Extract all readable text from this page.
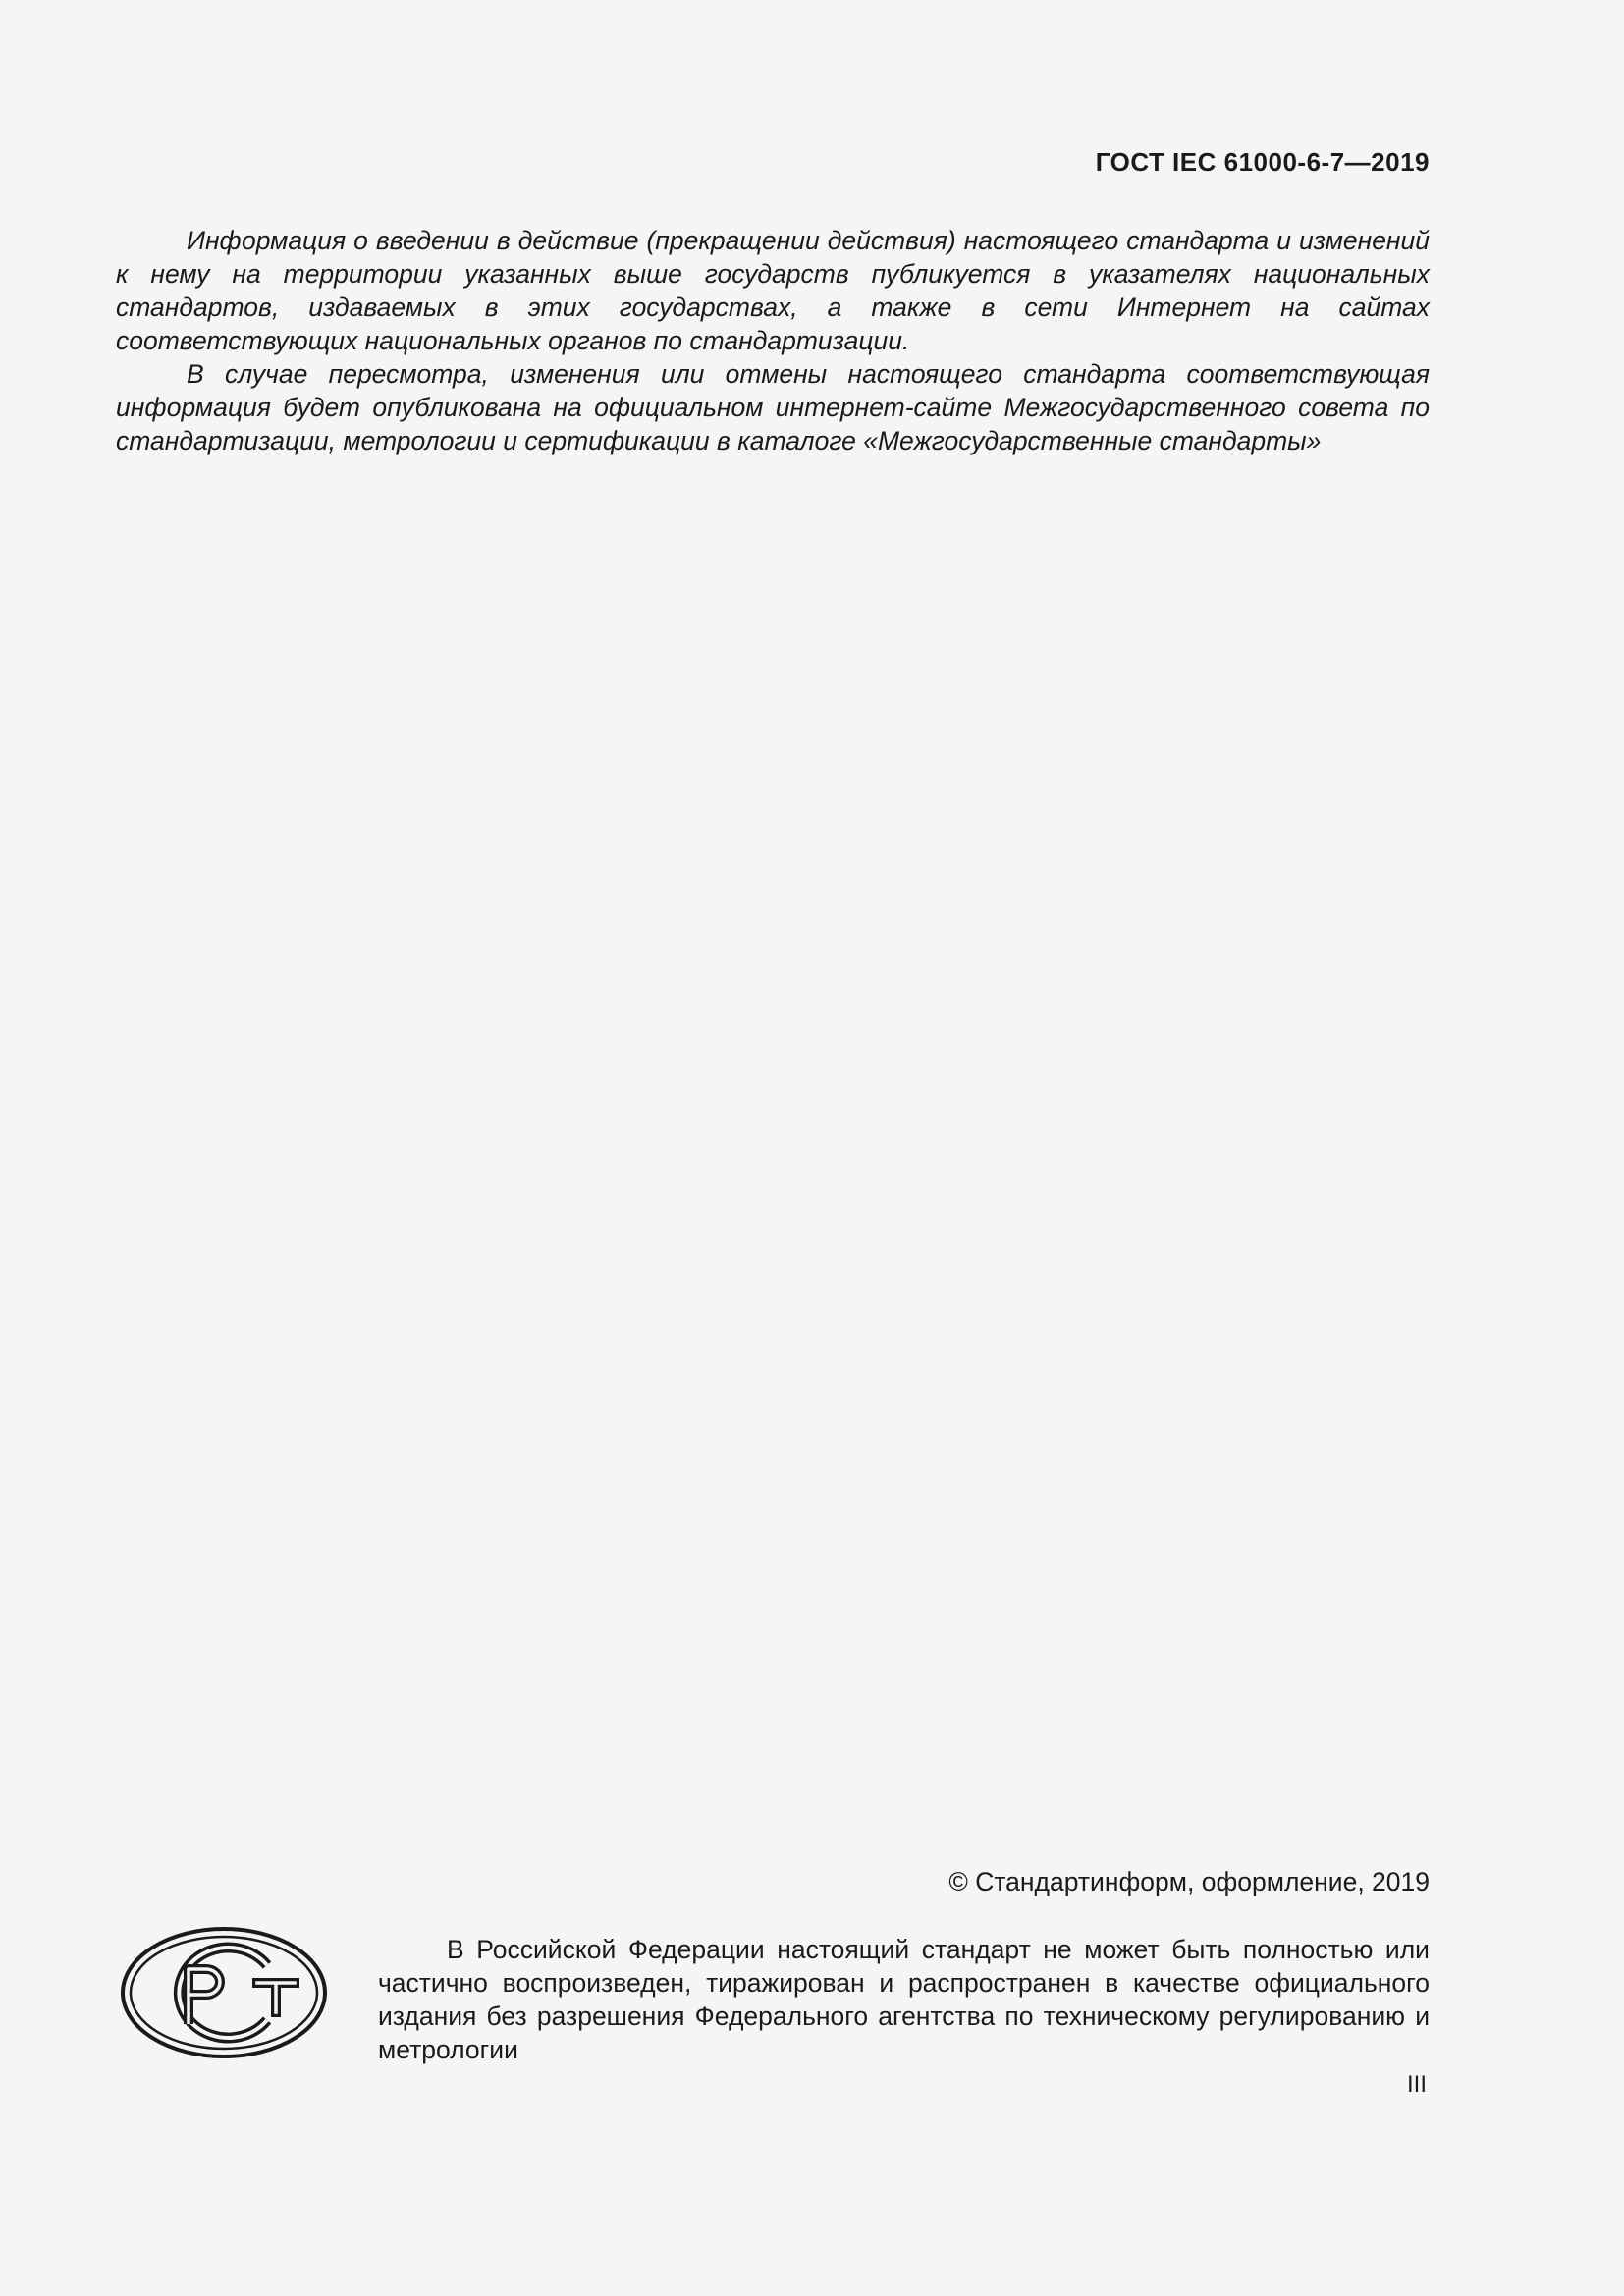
ГОСТ IEC 61000-6-7—2019

Информация о введении в действие (прекращении действия) настоящего стандарта и изменений к нему на территории указанных выше государств публикуется в указателях национальных стандартов, издаваемых в этих государствах, а также в сети Интернет на сайтах соответствующих национальных органов по стандартизации.

В случае пересмотра, изменения или отмены настоящего стандарта соответствующая информация будет опубликована на официальном интернет-сайте Межгосударственного совета по стандартизации, метрологии и сертификации в каталоге «Межгосударственные стандарты»

© Стандартинформ, оформление, 2019

В Российской Федерации настоящий стандарт не может быть полностью или частично воспроизведен, тиражирован и распространен в качестве официального издания без разрешения Федерального агентства по техническому регулированию и метрологии

III
